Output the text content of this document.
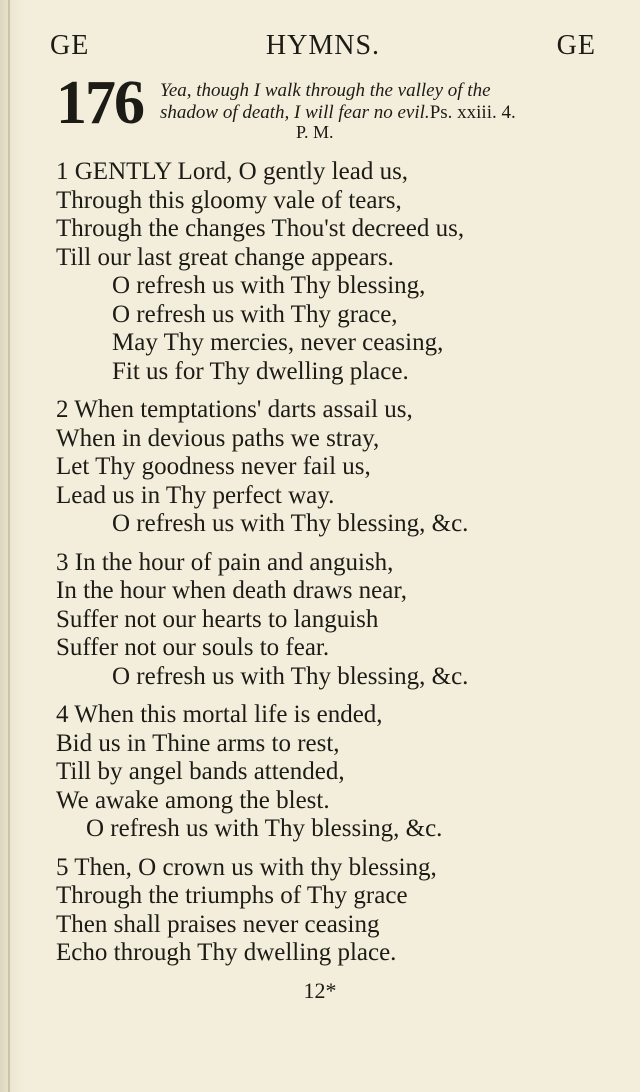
GE	HYMNS.	GE
176 Yea, though I walk through the valley of the
shadow of death, I will fear no evil.Ps. xxiii. 4.
P. M.
1 GENTLY Lord, O gently lead us,
Through this gloomy vale of tears,
Through the changes Thou'st decreed us,
Till our last great change appears.
O refresh us with Thy blessing,
O refresh us with Thy grace,
May Thy mercies, never ceasing,
Fit us for Thy dwelling place.
2 When temptations' darts assail us,
When in devious paths we stray,
Let Thy goodness never fail us,
Lead us in Thy perfect way.
O refresh us with Thy blessing, &c.
3 In the hour of pain and anguish,
In the hour when death draws near,
Suffer not our hearts to languish
Suffer not our souls to fear.
O refresh us with Thy blessing, &c.
4 When this mortal life is ended,
Bid us in Thine arms to rest,
Till by angel bands attended,
We awake among the blest.
O refresh us with Thy blessing, &c.
5 Then, O crown us with thy blessing,
Through the triumphs of Thy grace
Then shall praises never ceasing
Echo through Thy dwelling place.
12*
